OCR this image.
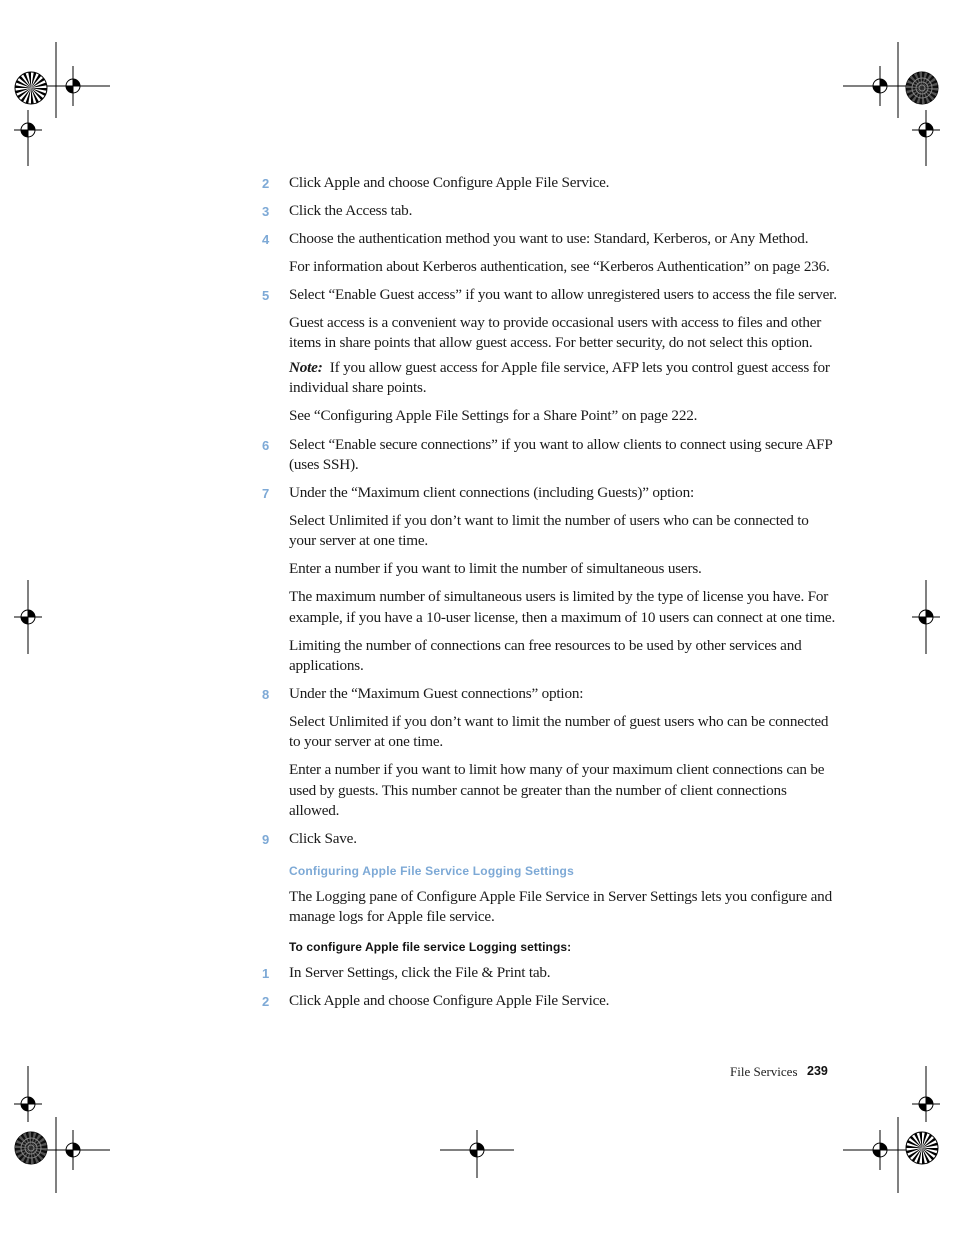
2 Click Apple and choose Configure Apple File Service.
3 Click the Access tab.
4 Choose the authentication method you want to use: Standard, Kerberos, or Any Method.
For information about Kerberos authentication, see “Kerberos Authentication” on page 236.
5 Select “Enable Guest access” if you want to allow unregistered users to access the file server.
Guest access is a convenient way to provide occasional users with access to files and other
items in share points that allow guest access. For better security, do not select this option.
Note: If you allow guest access for Apple file service, AFP lets you control guest access for
individual share points.
See “Configuring Apple File Settings for a Share Point” on page 222.
6 Select “Enable secure connections” if you want to allow clients to connect using secure AFP
(uses SSH).
7 Under the “Maximum client connections (including Guests)” option:
Select Unlimited if you don’t want to limit the number of users who can be connected to
your server at one time.
Enter a number if you want to limit the number of simultaneous users.
The maximum number of simultaneous users is limited by the type of license you have. For
example, if you have a 10-user license, then a maximum of 10 users can connect at one time.
Limiting the number of connections can free resources to be used by other services and
applications.
8 Under the “Maximum Guest connections” option:
Select Unlimited if you don’t want to limit the number of guest users who can be connected
to your server at one time.
Enter a number if you want to limit how many of your maximum client connections can be
used by guests. This number cannot be greater than the number of client connections
allowed.
9 Click Save.
Configuring Apple File Service Logging Settings
The Logging pane of Configure Apple File Service in Server Settings lets you configure and
manage logs for Apple file service.
To configure Apple file service Logging settings:
1 In Server Settings, click the File & Print tab.
2 Click Apple and choose Configure Apple File Service.
File Services 239
